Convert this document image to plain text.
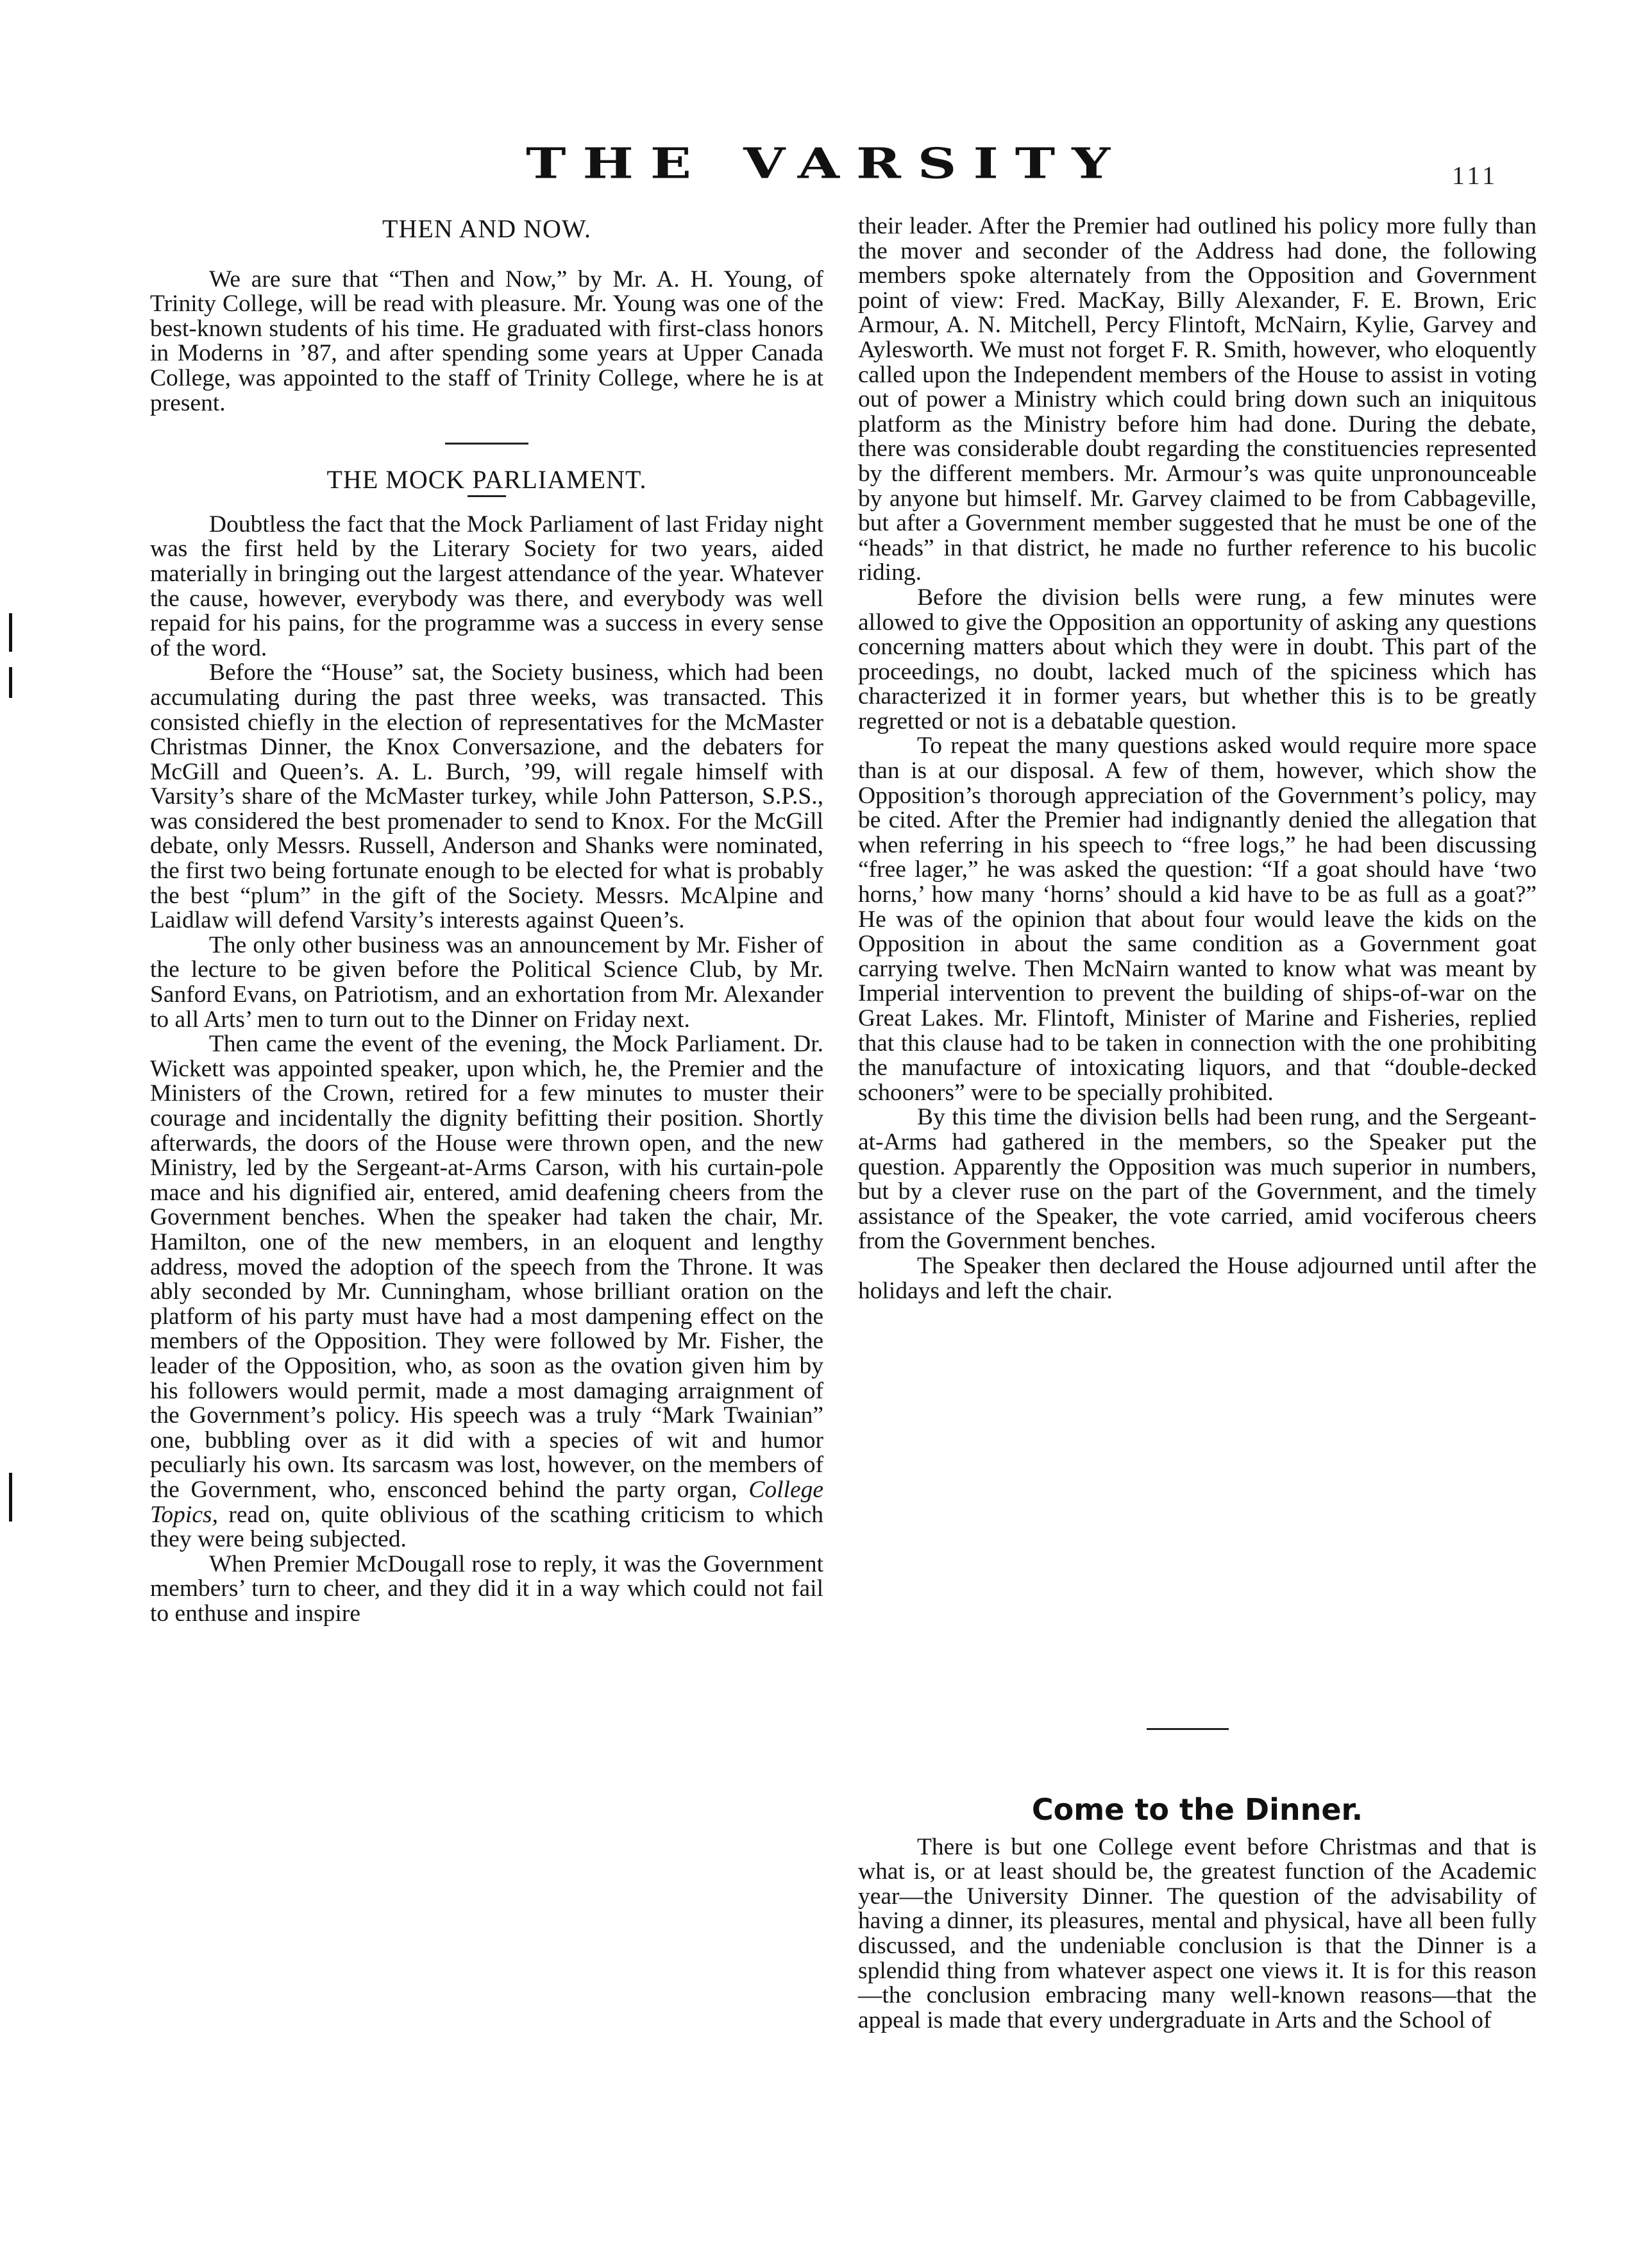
THE VARSITY	111
THEN AND NOW.

We are sure that “Then and Now,” by Mr. A. H. Young, of Trinity College, will be read with pleasure. Mr. Young was one of the best-known students of his time. He graduated with first-class honors in Moderns in ’87, and after spending some years at Upper Canada College, was appointed to the staff of Trinity College, where he is at present.

THE MOCK PARLIAMENT.

Doubtless the fact that the Mock Parliament of last Friday night was the first held by the Literary Society for two years, aided materially in bringing out the largest attendance of the year. Whatever the cause, however, everybody was there, and everybody was well repaid for his pains, for the programme was a success in every sense of the word.

Before the “House” sat, the Society business, which had been accumulating during the past three weeks, was transacted. This consisted chiefly in the election of representatives for the McMaster Christmas Dinner, the Knox Conversazione, and the debaters for McGill and Queen’s. A. L. Burch, ’99, will regale himself with Varsity’s share of the McMaster turkey, while John Patterson, S.P.S., was considered the best promenader to send to Knox. For the McGill debate, only Messrs. Russell, Anderson and Shanks were nominated, the first two being fortunate enough to be elected for what is probably the best “plum” in the gift of the Society. Messrs. McAlpine and Laidlaw will defend Varsity’s interests against Queen’s.

The only other business was an announcement by Mr. Fisher of the lecture to be given before the Political Science Club, by Mr. Sanford Evans, on Patriotism, and an exhortation from Mr. Alexander to all Arts’ men to turn out to the Dinner on Friday next.

Then came the event of the evening, the Mock Parliament. Dr. Wickett was appointed speaker, upon which, he, the Premier and the Ministers of the Crown, retired for a few minutes to muster their courage and incidentally the dignity befitting their position. Shortly afterwards, the doors of the House were thrown open, and the new Ministry, led by the Sergeant-at-Arms Carson, with his curtain-pole mace and his dignified air, entered, amid deafening cheers from the Government benches. When the speaker had taken the chair, Mr. Hamilton, one of the new members, in an eloquent and lengthy address, moved the adoption of the speech from the Throne. It was ably seconded by Mr. Cunningham, whose brilliant oration on the platform of his party must have had a most dampening effect on the members of the Opposition. They were followed by Mr. Fisher, the leader of the Opposition, who, as soon as the ovation given him by his followers would permit, made a most damaging arraignment of the Government’s policy. His speech was a truly “Mark Twainian” one, bubbling over as it did with a species of wit and humor peculiarly his own. Its sarcasm was lost, however, on the members of the Government, who, ensconced behind the party organ, College Topics, read on, quite oblivious of the scathing criticism to which they were being subjected.

When Premier McDougall rose to reply, it was the Government members’ turn to cheer, and they did it in a way which could not fail to enthuse and inspire

their leader. After the Premier had outlined his policy more fully than the mover and seconder of the Address had done, the following members spoke alternately from the Opposition and Government point of view: Fred. MacKay, Billy Alexander, F. E. Brown, Eric Armour, A. N. Mitchell, Percy Flintoft, McNairn, Kylie, Garvey and Aylesworth. We must not forget F. R. Smith, however, who eloquently called upon the Independent members of the House to assist in voting out of power a Ministry which could bring down such an iniquitous platform as the Ministry before him had done. During the debate, there was considerable doubt regarding the constituencies represented by the different members. Mr. Armour’s was quite unpronounceable by anyone but himself. Mr. Garvey claimed to be from Cabbageville, but after a Government member suggested that he must be one of the “heads” in that district, he made no further reference to his bucolic riding.

Before the division bells were rung, a few minutes were allowed to give the Opposition an opportunity of asking any questions concerning matters about which they were in doubt. This part of the proceedings, no doubt, lacked much of the spiciness which has characterized it in former years, but whether this is to be greatly regretted or not is a debatable question.

To repeat the many questions asked would require more space than is at our disposal. A few of them, however, which show the Opposition’s thorough appreciation of the Government’s policy, may be cited. After the Premier had indignantly denied the allegation that when referring in his speech to “free logs,” he had been discussing “free lager,” he was asked the question: “If a goat should have ‘two horns,’ how many ‘horns’ should a kid have to be as full as a goat?” He was of the opinion that about four would leave the kids on the Opposition in about the same condition as a Government goat carrying twelve. Then McNairn wanted to know what was meant by Imperial intervention to prevent the building of ships-of-war on the Great Lakes. Mr. Flintoft, Minister of Marine and Fisheries, replied that this clause had to be taken in connection with the one prohibiting the manufacture of intoxicating liquors, and that “double-decked schooners” were to be specially prohibited.

By this time the division bells had been rung, and the Sergeant-at-Arms had gathered in the members, so the Speaker put the question. Apparently the Opposition was much superior in numbers, but by a clever ruse on the part of the Government, and the timely assistance of the Speaker, the vote carried, amid vociferous cheers from the Government benches.

The Speaker then declared the House adjourned until after the holidays and left the chair.

Come to the Dinner.

There is but one College event before Christmas and that is what is, or at least should be, the greatest function of the Academic year—the University Dinner. The question of the advisability of having a dinner, its pleasures, mental and physical, have all been fully discussed, and the undeniable conclusion is that the Dinner is a splendid thing from whatever aspect one views it. It is for this reason—the conclusion embracing many well-known reasons—that the appeal is made that every undergraduate in Arts and the School of
